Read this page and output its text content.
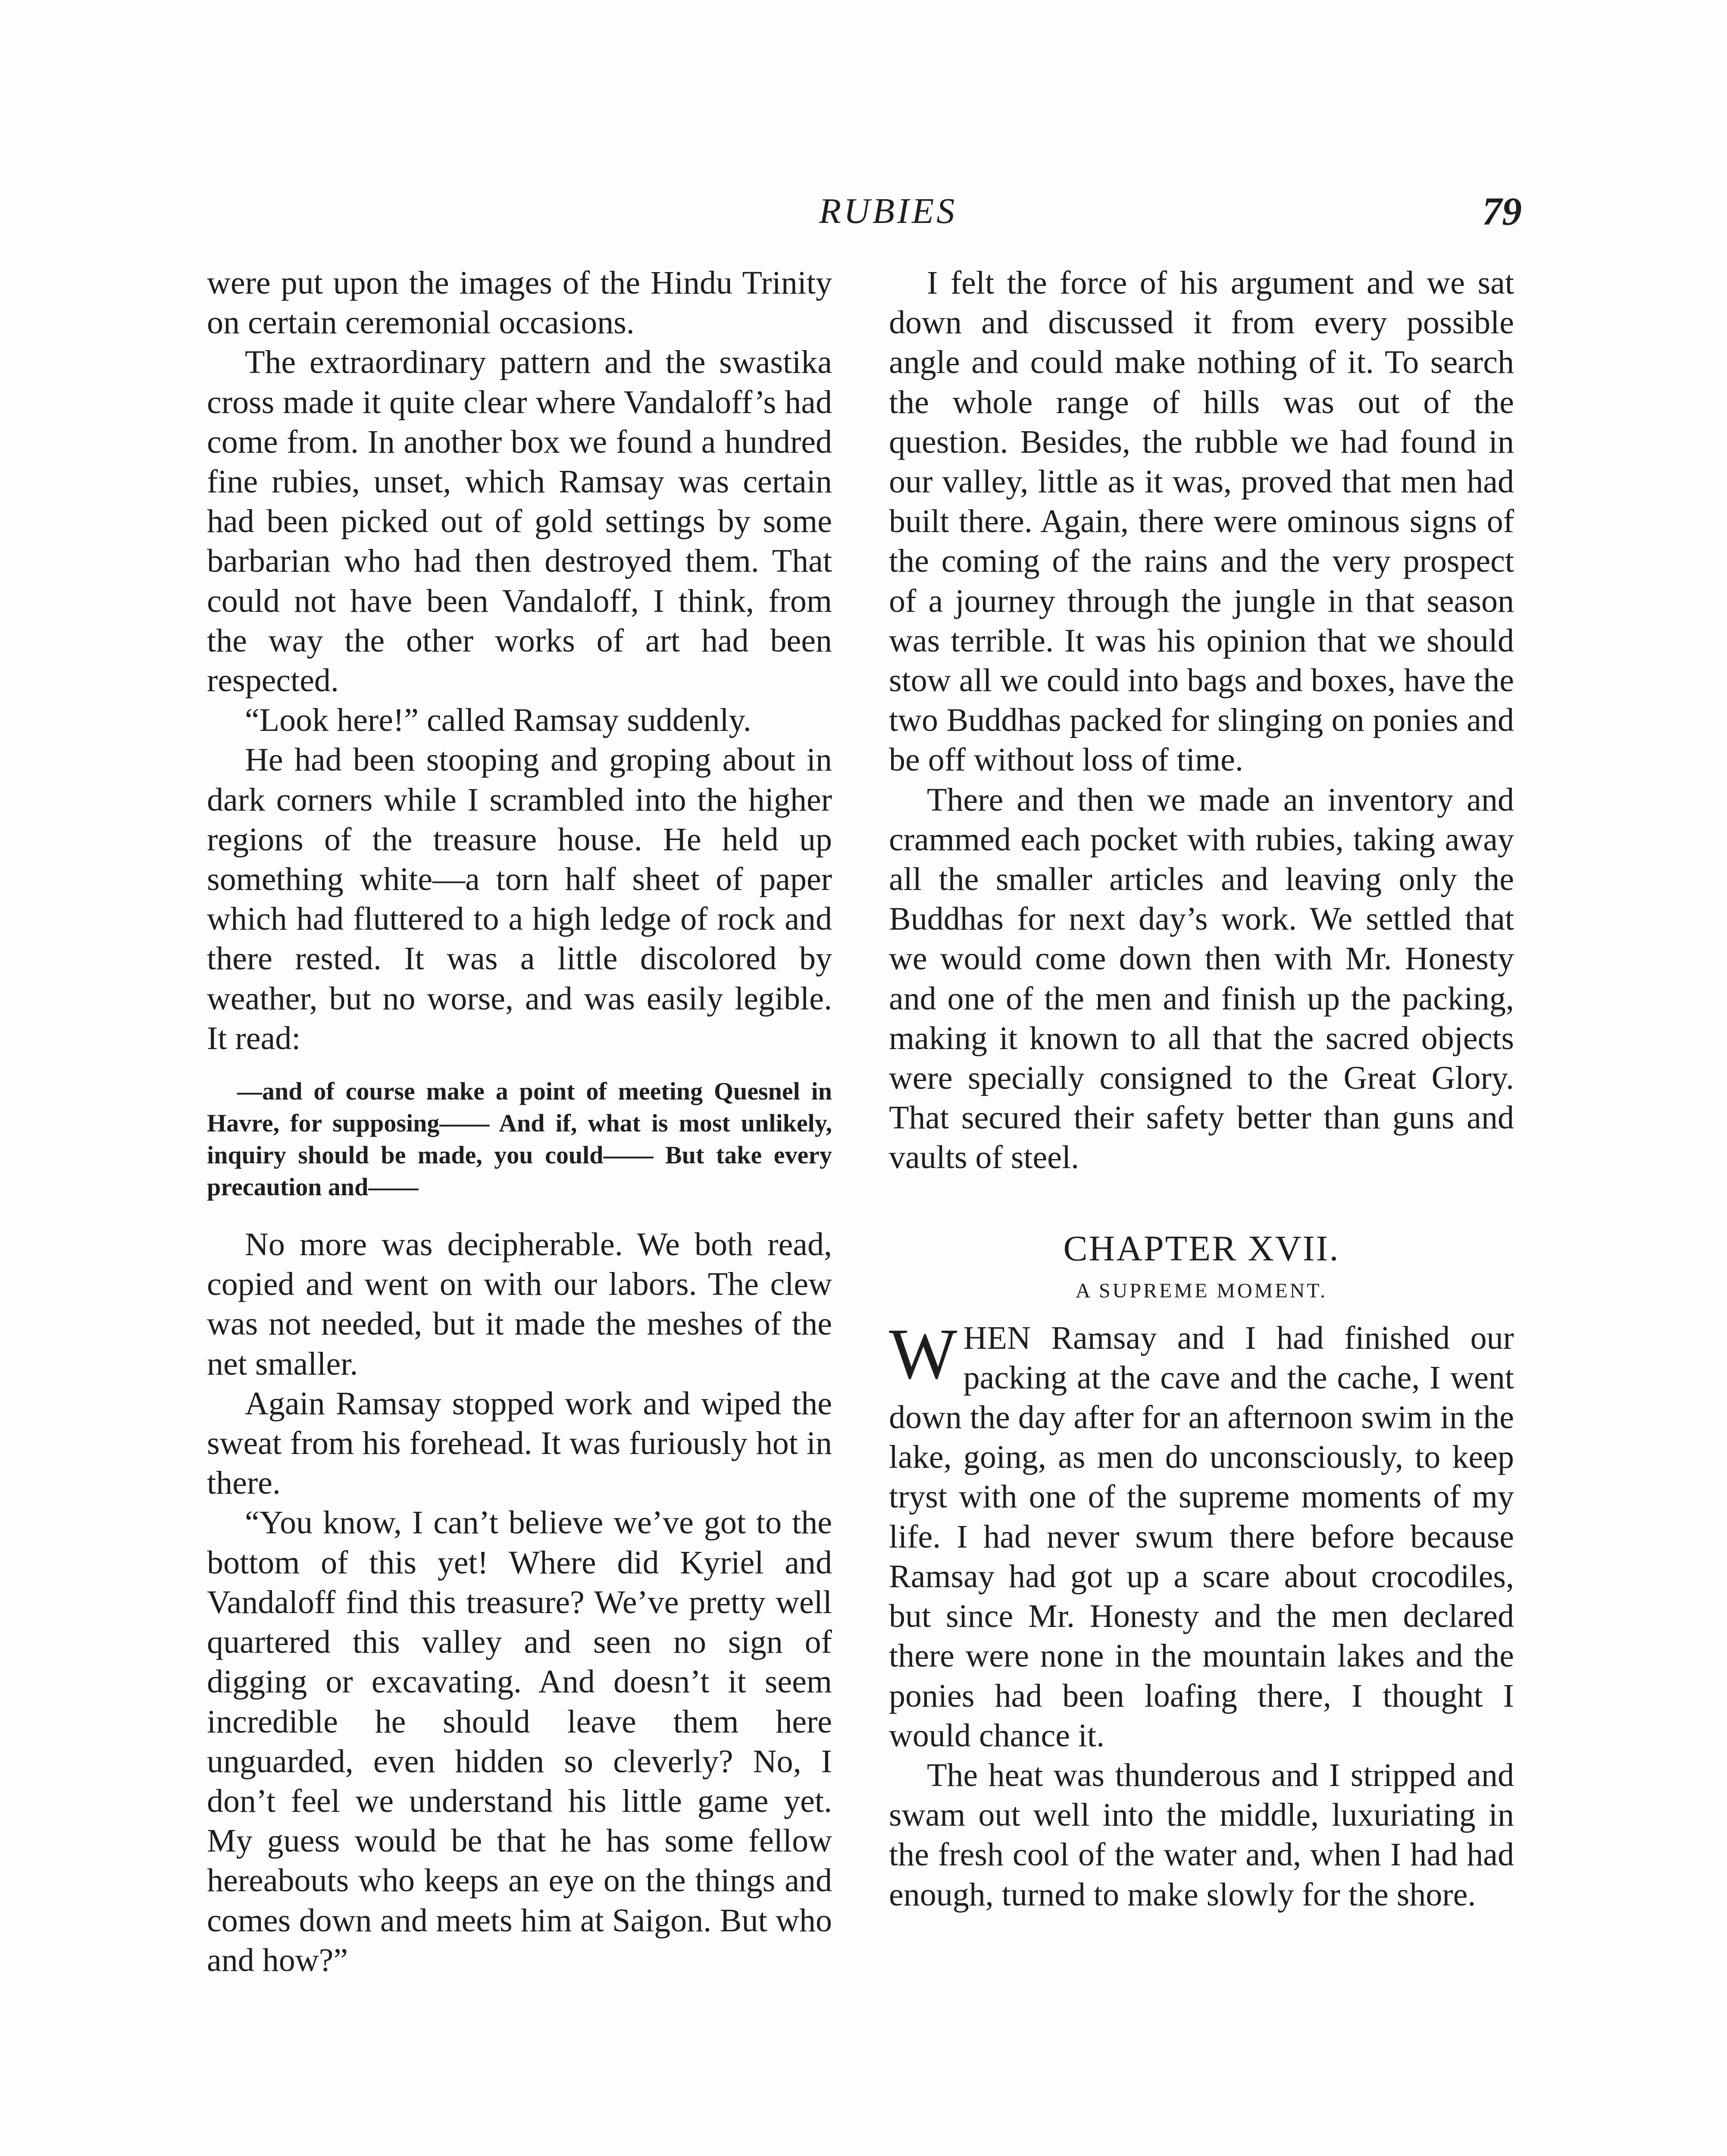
RUBIES	79

were put upon the images of the Hindu Trinity on certain ceremonial occasions.

The extraordinary pattern and the swastika cross made it quite clear where Vandaloff’s had come from. In another box we found a hundred fine rubies, unset, which Ramsay was certain had been picked out of gold settings by some barbarian who had then destroyed them. That could not have been Vandaloff, I think, from the way the other works of art had been respected.

“Look here!” called Ramsay suddenly.

He had been stooping and groping about in dark corners while I scrambled into the higher regions of the treasure house. He held up something white—a torn half sheet of paper which had fluttered to a high ledge of rock and there rested. It was a little discolored by weather, but no worse, and was easily legible. It read:

—and of course make a point of meeting Quesnel in Havre, for supposing—— And if, what is most unlikely, inquiry should be made, you could—— But take every precaution and——

No more was decipherable. We both read, copied and went on with our labors. The clew was not needed, but it made the meshes of the net smaller.

Again Ramsay stopped work and wiped the sweat from his forehead. It was furiously hot in there.

“You know, I can’t believe we’ve got to the bottom of this yet! Where did Kyriel and Vandaloff find this treasure? We’ve pretty well quartered this valley and seen no sign of digging or excavating. And doesn’t it seem incredible he should leave them here unguarded, even hidden so cleverly? No, I don’t feel we understand his little game yet. My guess would be that he has some fellow hereabouts who keeps an eye on the things and comes down and meets him at Saigon. But who and how?”

I felt the force of his argument and we sat down and discussed it from every possible angle and could make nothing of it. To search the whole range of hills was out of the question. Besides, the rubble we had found in our valley, little as it was, proved that men had built there. Again, there were ominous signs of the coming of the rains and the very prospect of a journey through the jungle in that season was terrible. It was his opinion that we should stow all we could into bags and boxes, have the two Buddhas packed for slinging on ponies and be off without loss of time.

There and then we made an inventory and crammed each pocket with rubies, taking away all the smaller articles and leaving only the Buddhas for next day’s work. We settled that we would come down then with Mr. Honesty and one of the men and finish up the packing, making it known to all that the sacred objects were specially consigned to the Great Glory. That secured their safety better than guns and vaults of steel.

CHAPTER XVII.
A SUPREME MOMENT.

WHEN Ramsay and I had finished our packing at the cave and the cache, I went down the day after for an afternoon swim in the lake, going, as men do unconsciously, to keep tryst with one of the supreme moments of my life. I had never swum there before because Ramsay had got up a scare about crocodiles, but since Mr. Honesty and the men declared there were none in the mountain lakes and the ponies had been loafing there, I thought I would chance it.

The heat was thunderous and I stripped and swam out well into the middle, luxuriating in the fresh cool of the water and, when I had had enough, turned to make slowly for the shore.
